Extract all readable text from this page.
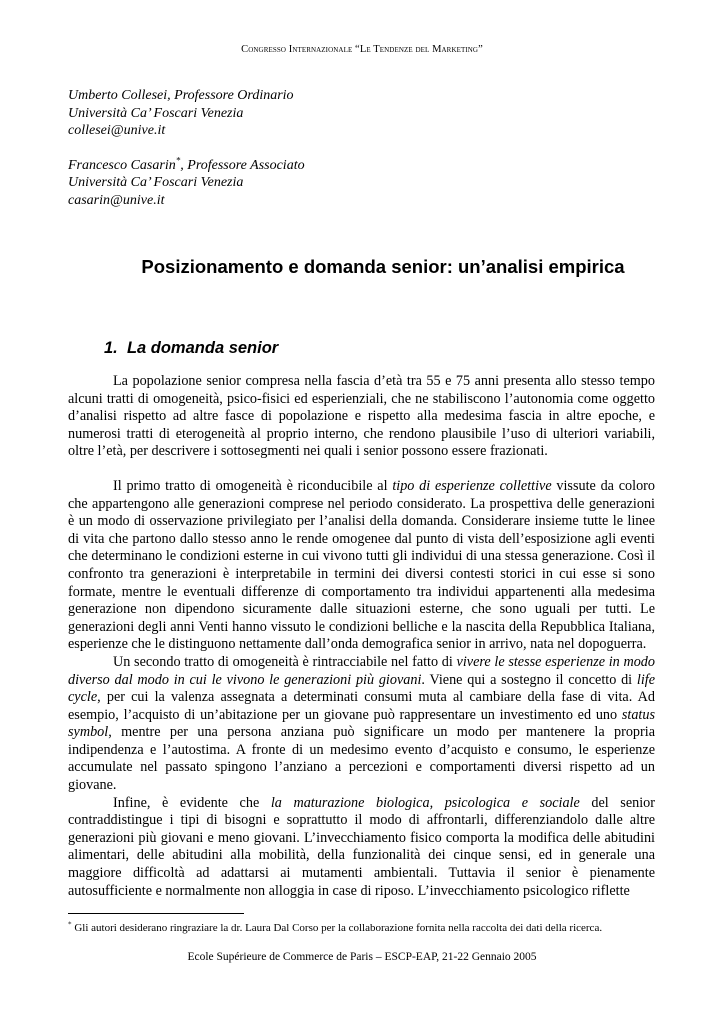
Congresso Internazionale “Le Tendenze del Marketing”
Umberto Collesei, Professore Ordinario
Università Ca’ Foscari Venezia
collesei@unive.it
Francesco Casarin*, Professore Associato
Università Ca’ Foscari Venezia
casarin@unive.it
Posizionamento e domanda senior: un’analisi empirica
1. La domanda senior

La popolazione senior compresa nella fascia d’età tra 55 e 75 anni presenta allo stesso tempo alcuni tratti di omogeneità, psico-fisici ed esperienziali, che ne stabiliscono l’autonomia come oggetto d’analisi rispetto ad altre fasce di popolazione e rispetto alla medesima fascia in altre epoche, e numerosi tratti di eterogeneità al proprio interno, che rendono plausibile l’uso di ulteriori variabili, oltre l’età, per descrivere i sottosegmenti nei quali i senior possono essere frazionati.

Il primo tratto di omogeneità è riconducibile al tipo di esperienze collettive vissute da coloro che appartengono alle generazioni comprese nel periodo considerato. La prospettiva delle generazioni è un modo di osservazione privilegiato per l’analisi della domanda. Considerare insieme tutte le linee di vita che partono dallo stesso anno le rende omogenee dal punto di vista dell’esposizione agli eventi che determinano le condizioni esterne in cui vivono tutti gli individui di una stessa generazione. Così il confronto tra generazioni è interpretabile in termini dei diversi contesti storici in cui esse si sono formate, mentre le eventuali differenze di comportamento tra individui appartenenti alla medesima generazione non dipendono sicuramente dalle situazioni esterne, che sono uguali per tutti. Le generazioni degli anni Venti hanno vissuto le condizioni belliche e la nascita della Repubblica Italiana, esperienze che le distinguono nettamente dall’onda demografica senior in arrivo, nata nel dopoguerra.

Un secondo tratto di omogeneità è rintracciabile nel fatto di vivere le stesse esperienze in modo diverso dal modo in cui le vivono le generazioni più giovani. Viene qui a sostegno il concetto di life cycle, per cui la valenza assegnata a determinati consumi muta al cambiare della fase di vita. Ad esempio, l’acquisto di un’abitazione per un giovane può rappresentare un investimento ed uno status symbol, mentre per una persona anziana può significare un modo per mantenere la propria indipendenza e l’autostima. A fronte di un medesimo evento d’acquisto e consumo, le esperienze accumulate nel passato spingono l’anziano a percezioni e comportamenti diversi rispetto ad un giovane.

Infine, è evidente che la maturazione biologica, psicologica e sociale del senior contraddistingue i tipi di bisogni e soprattutto il modo di affrontarli, differenziandolo dalle altre generazioni più giovani e meno giovani. L’invecchiamento fisico comporta la modifica delle abitudini alimentari, delle abitudini alla mobilità, della funzionalità dei cinque sensi, ed in generale una maggiore difficoltà ad adattarsi ai mutamenti ambientali. Tuttavia il senior è pienamente autosufficiente e normalmente non alloggia in case di riposo. L’invecchiamento psicologico riflette

* Gli autori desiderano ringraziare la dr. Laura Dal Corso per la collaborazione fornita nella raccolta dei dati della ricerca.
Ecole Supérieure de Commerce de Paris – ESCP-EAP, 21-22 Gennaio 2005
